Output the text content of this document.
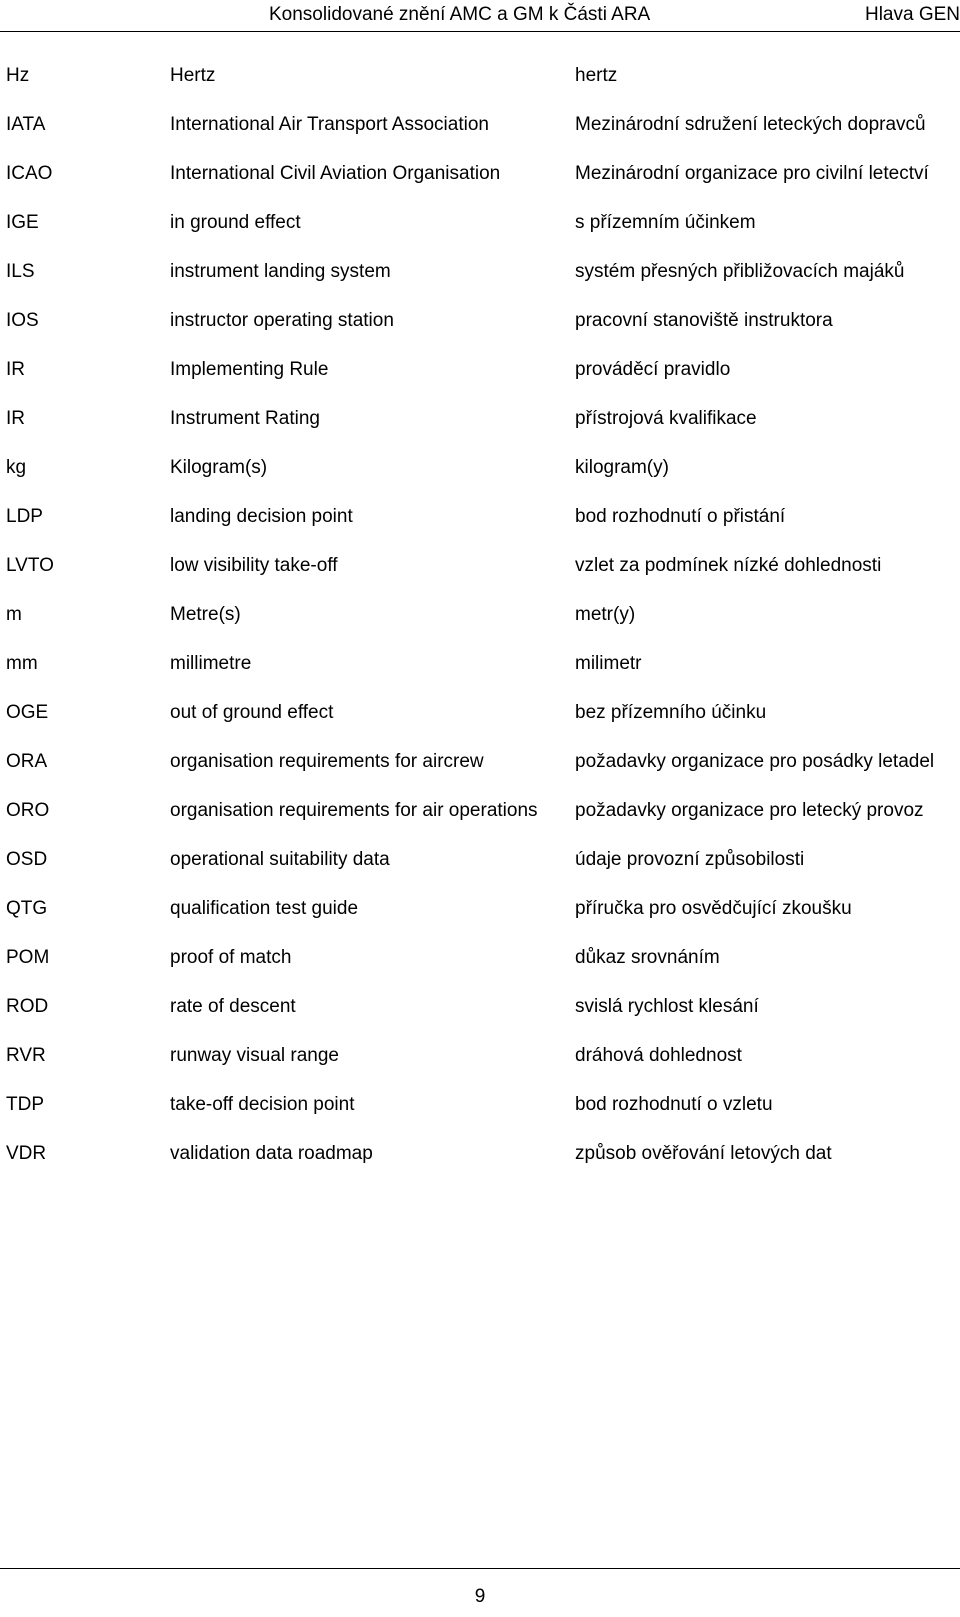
Konsolidované znění AMC a GM k Části ARA	Hlava GEN
Hz	Hertz	hertz
IATA	International Air Transport Association	Mezinárodní sdružení leteckých dopravců
ICAO	International Civil Aviation Organisation	Mezinárodní organizace pro civilní letectví
IGE	in ground effect	s přízemním účinkem
ILS	instrument landing system	systém přesných přibližovacích majáků
IOS	instructor operating station	pracovní stanoviště instruktora
IR	Implementing Rule	prováděcí pravidlo
IR	Instrument Rating	přístrojová kvalifikace
kg	Kilogram(s)	kilogram(y)
LDP	landing decision point	bod rozhodnutí o přistání
LVTO	low visibility take-off	vzlet za podmínek nízké dohlednosti
m	Metre(s)	metr(y)
mm	millimetre	milimetr
OGE	out of ground effect	bez přízemního účinku
ORA	organisation requirements for aircrew	požadavky organizace pro posádky letadel
ORO	organisation requirements for air operations	požadavky organizace pro letecký provoz
OSD	operational suitability data	údaje provozní způsobilosti
QTG	qualification test guide	příručka pro osvědčující zkoušku
POM	proof of match	důkaz srovnáním
ROD	rate of descent	svislá rychlost klesání
RVR	runway visual range	dráhová dohlednost
TDP	take-off decision point	bod rozhodnutí o vzletu
VDR	validation data roadmap	způsob ověřování letových dat
9
